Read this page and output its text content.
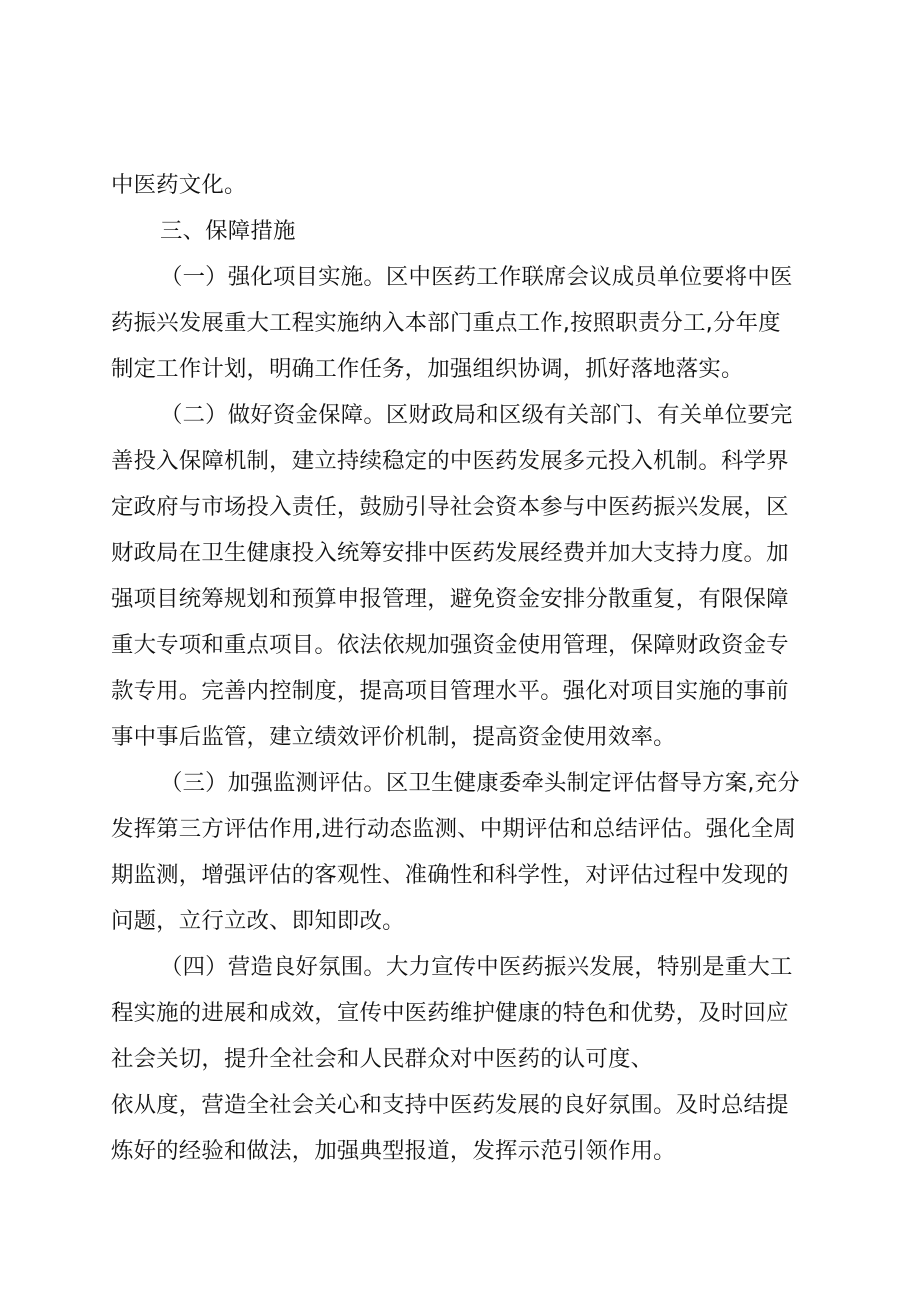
中医药文化。
三、保障措施
（一）强化项目实施。区中医药工作联席会议成员单位要将中医
药振兴发展重大工程实施纳入本部门重点工作,按照职责分工,分年度
制定工作计划，明确工作任务，加强组织协调，抓好落地落实。
（二）做好资金保障。区财政局和区级有关部门、有关单位要完
善投入保障机制，建立持续稳定的中医药发展多元投入机制。科学界
定政府与市场投入责任，鼓励引导社会资本参与中医药振兴发展，区
财政局在卫生健康投入统筹安排中医药发展经费并加大支持力度。加
强项目统筹规划和预算申报管理，避免资金安排分散重复，有限保障
重大专项和重点项目。依法依规加强资金使用管理，保障财政资金专
款专用。完善内控制度，提高项目管理水平。强化对项目实施的事前
事中事后监管，建立绩效评价机制，提高资金使用效率。
（三）加强监测评估。区卫生健康委牵头制定评估督导方案,充分
发挥第三方评估作用,进行动态监测、中期评估和总结评估。强化全周
期监测，增强评估的客观性、准确性和科学性，对评估过程中发现的
问题，立行立改、即知即改。
（四）营造良好氛围。大力宣传中医药振兴发展，特别是重大工
程实施的进展和成效，宣传中医药维护健康的特色和优势，及时回应
社会关切，提升全社会和人民群众对中医药的认可度、
依从度，营造全社会关心和支持中医药发展的良好氛围。及时总结提
炼好的经验和做法，加强典型报道，发挥示范引领作用。
